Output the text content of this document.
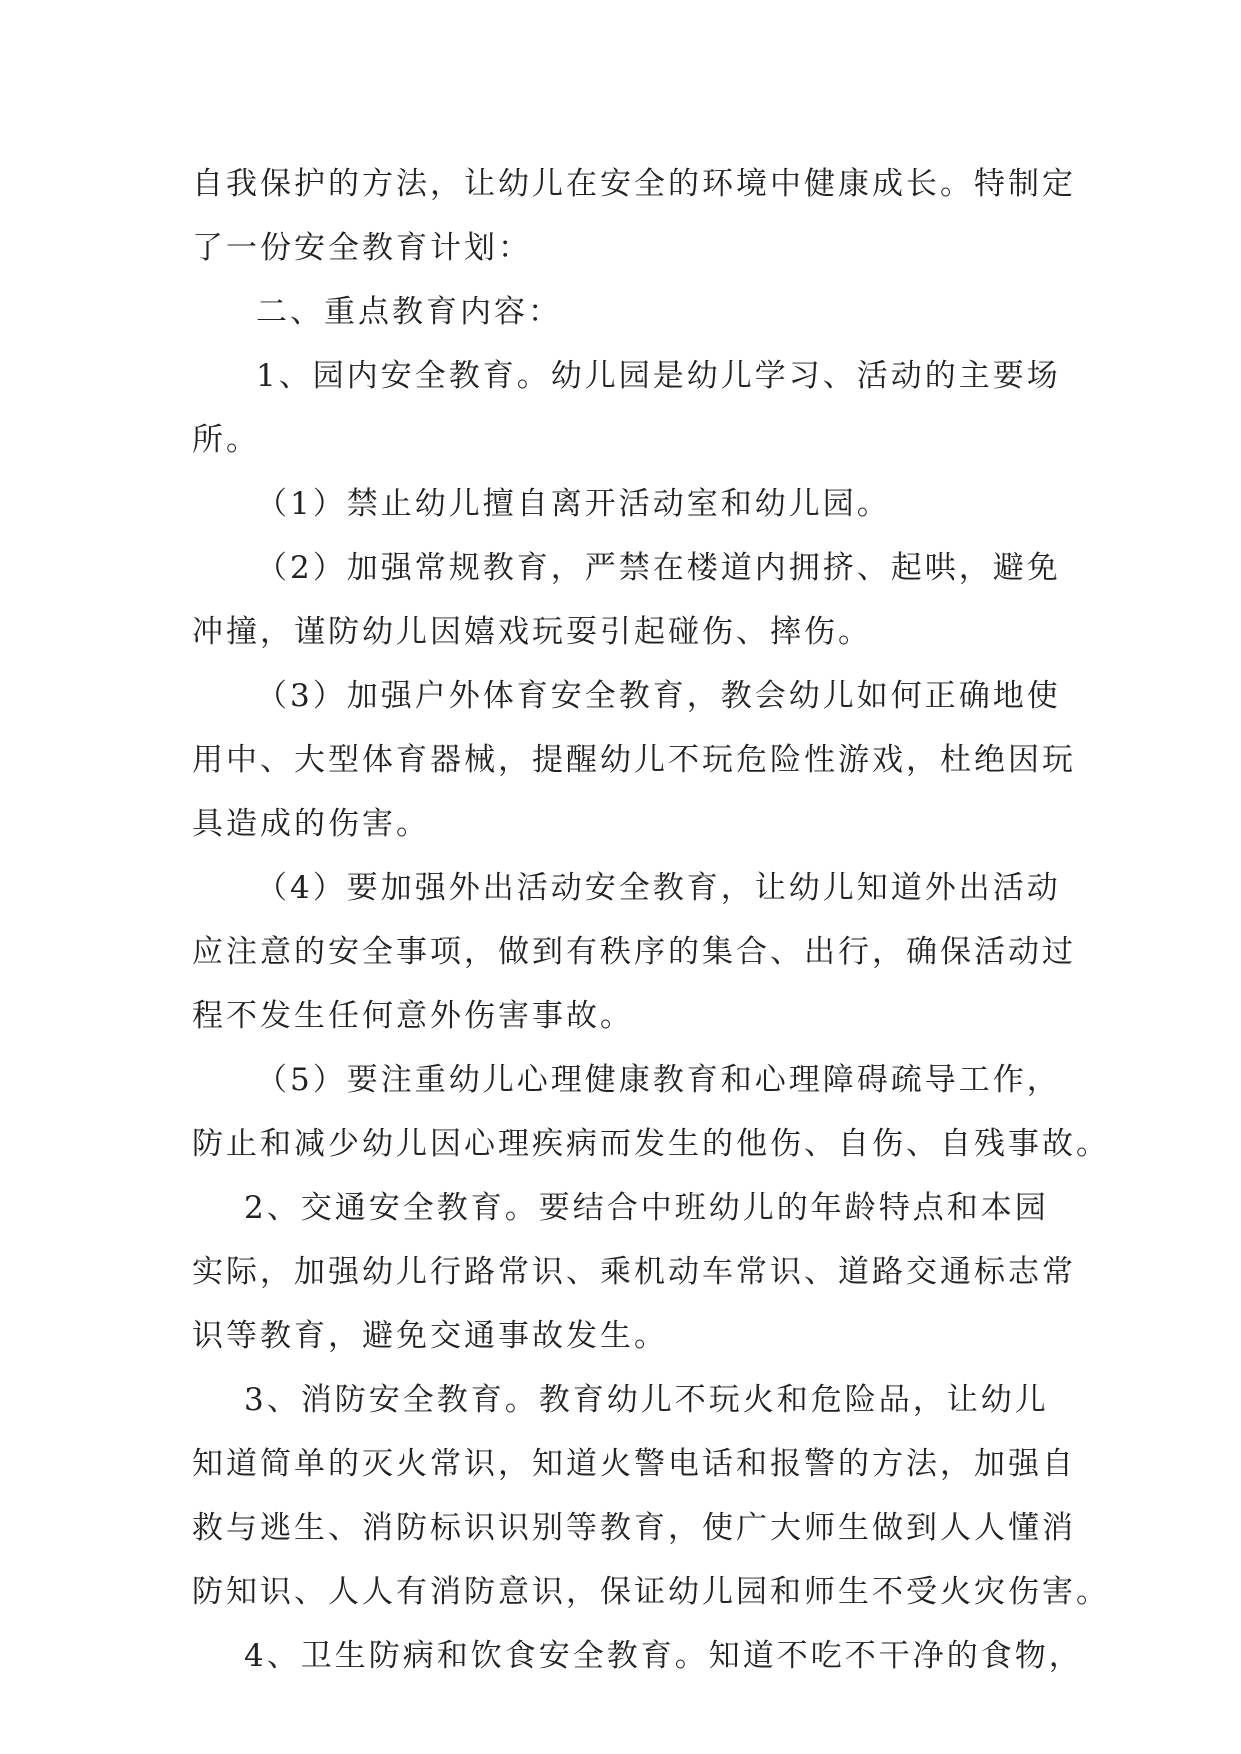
自我保护的方法，让幼儿在安全的环境中健康成长。特制定
了一份安全教育计划：
二、重点教育内容：
1、园内安全教育。幼儿园是幼儿学习、活动的主要场
所。
（1）禁止幼儿擅自离开活动室和幼儿园。
（2）加强常规教育，严禁在楼道内拥挤、起哄，避免
冲撞，谨防幼儿因嬉戏玩耍引起碰伤、摔伤。
（3）加强户外体育安全教育，教会幼儿如何正确地使
用中、大型体育器械，提醒幼儿不玩危险性游戏，杜绝因玩
具造成的伤害。
（4）要加强外出活动安全教育，让幼儿知道外出活动
应注意的安全事项，做到有秩序的集合、出行，确保活动过
程不发生任何意外伤害事故。
（5）要注重幼儿心理健康教育和心理障碍疏导工作，
防止和减少幼儿因心理疾病而发生的他伤、自伤、自残事故。
2、交通安全教育。要结合中班幼儿的年龄特点和本园
实际，加强幼儿行路常识、乘机动车常识、道路交通标志常
识等教育，避免交通事故发生。
3、消防安全教育。教育幼儿不玩火和危险品，让幼儿
知道简单的灭火常识，知道火警电话和报警的方法，加强自
救与逃生、消防标识识别等教育，使广大师生做到人人懂消
防知识、人人有消防意识，保证幼儿园和师生不受火灾伤害。
4、卫生防病和饮食安全教育。知道不吃不干净的食物，
